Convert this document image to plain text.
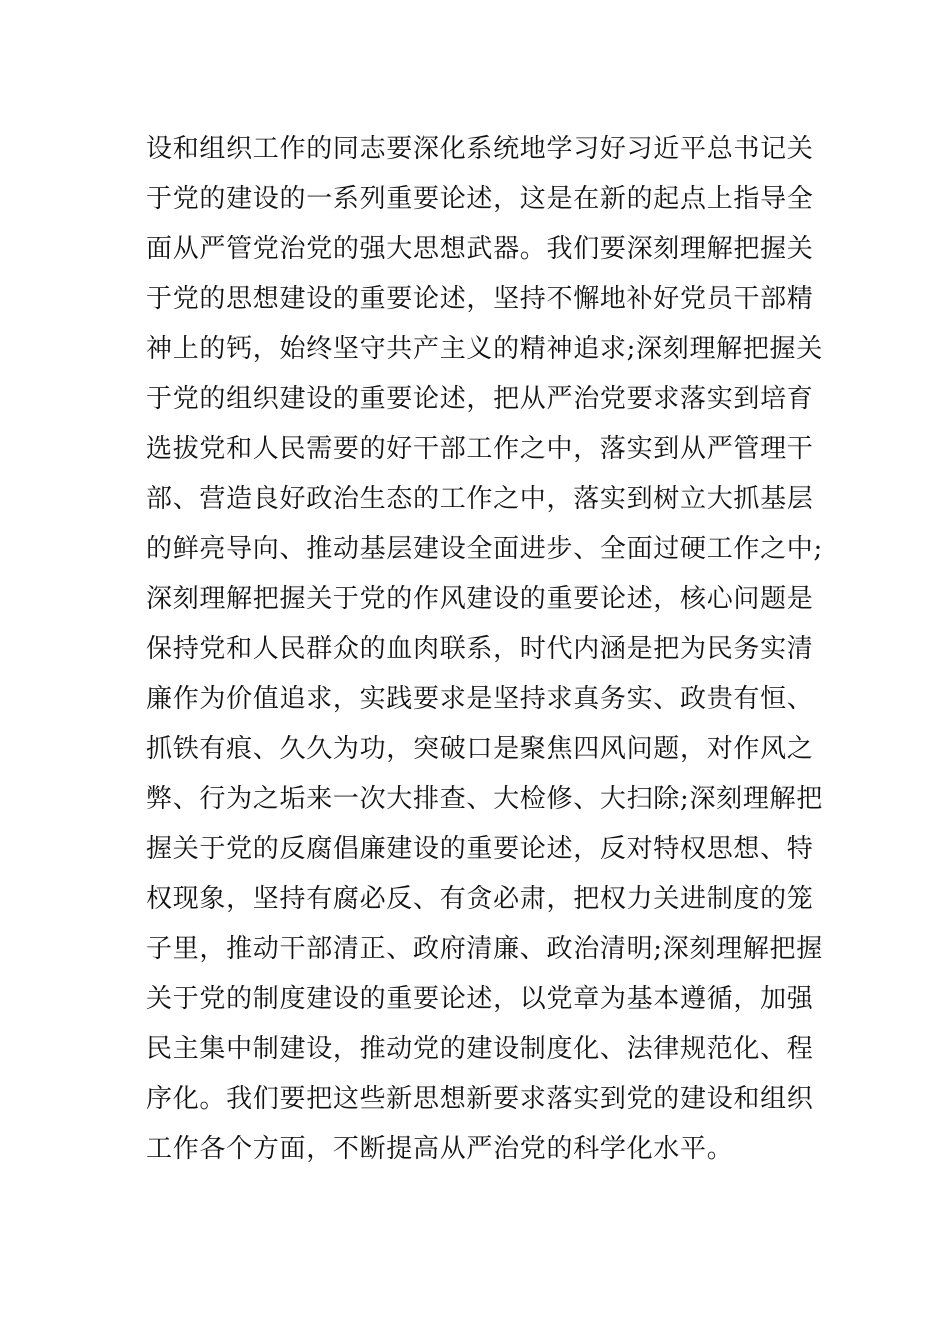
设和组织工作的同志要深化系统地学习好习近平总书记关
于党的建设的一系列重要论述，这是在新的起点上指导全
面从严管党治党的强大思想武器。我们要深刻理解把握关
于党的思想建设的重要论述，坚持不懈地补好党员干部精
神上的钙，始终坚守共产主义的精神追求;深刻理解把握关
于党的组织建设的重要论述，把从严治党要求落实到培育
选拔党和人民需要的好干部工作之中，落实到从严管理干
部、营造良好政治生态的工作之中，落实到树立大抓基层
的鲜亮导向、推动基层建设全面进步、全面过硬工作之中;
深刻理解把握关于党的作风建设的重要论述，核心问题是
保持党和人民群众的血肉联系，时代内涵是把为民务实清
廉作为价值追求，实践要求是坚持求真务实、政贵有恒、
抓铁有痕、久久为功，突破口是聚焦四风问题，对作风之
弊、行为之垢来一次大排查、大检修、大扫除;深刻理解把
握关于党的反腐倡廉建设的重要论述，反对特权思想、特
权现象，坚持有腐必反、有贪必肃，把权力关进制度的笼
子里，推动干部清正、政府清廉、政治清明;深刻理解把握
关于党的制度建设的重要论述，以党章为基本遵循，加强
民主集中制建设，推动党的建设制度化、法律规范化、程
序化。我们要把这些新思想新要求落实到党的建设和组织
工作各个方面，不断提高从严治党的科学化水平。
